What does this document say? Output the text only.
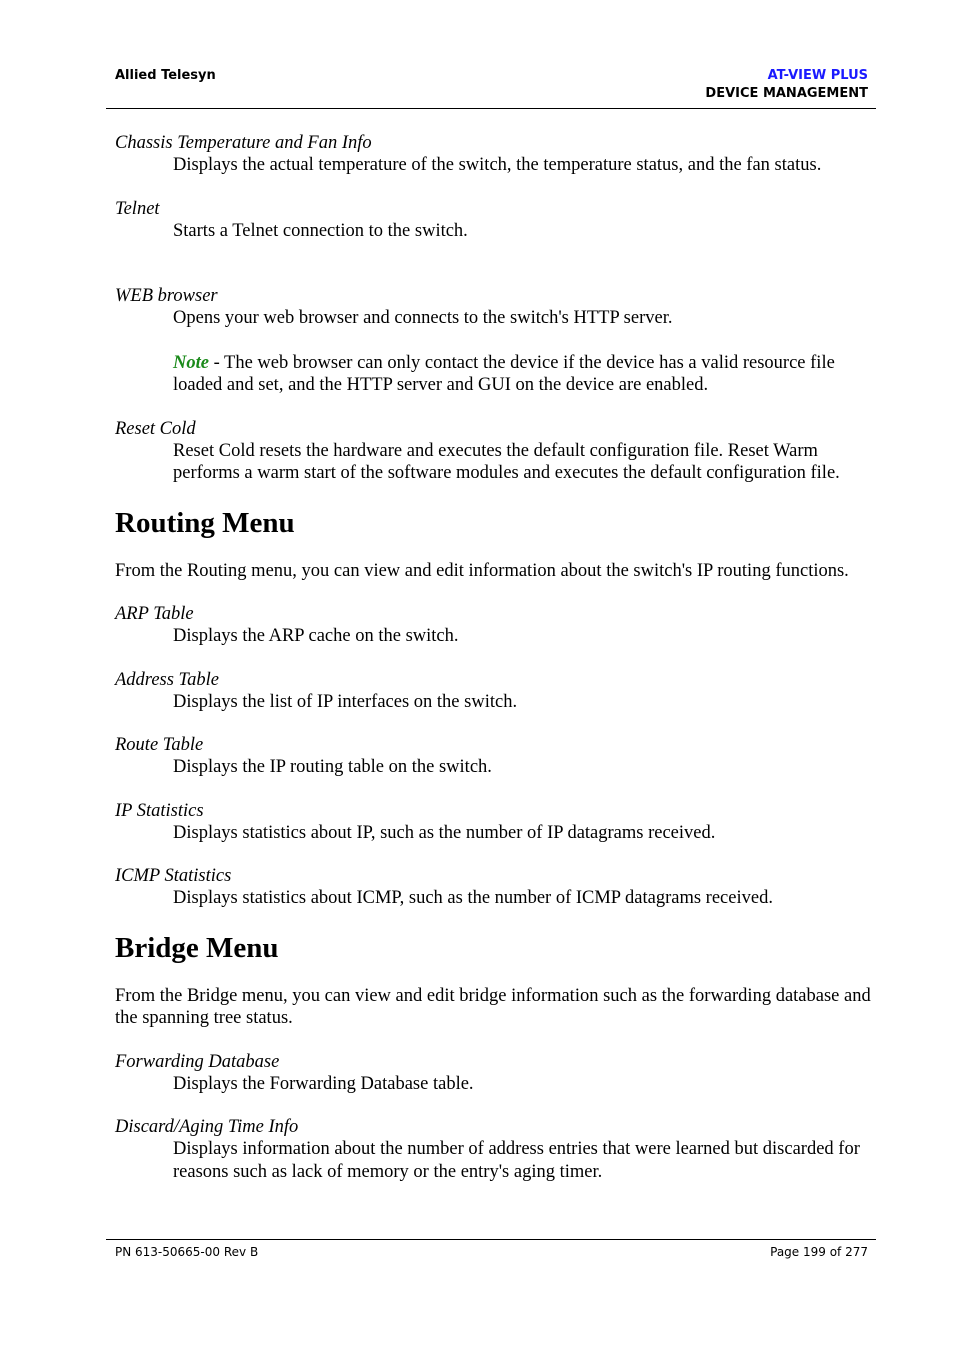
Allied Telesyn	AT-VIEW PLUS
DEVICE MANAGEMENT

Chassis Temperature and Fan Info

Displays the actual temperature of the switch, the temperature status, and the fan status.

Telnet

Starts a Telnet connection to the switch.

WEB browser

Opens your web browser and connects to the switch's HTTP server.

Note - The web browser can only contact the device if the device has a valid resource file loaded and set, and the HTTP server and GUI on the device are enabled.

Reset Cold

Reset Cold resets the hardware and executes the default configuration file. Reset Warm performs a warm start of the software modules and executes the default configuration file.

Routing Menu

From the Routing menu, you can view and edit information about the switch's IP routing functions.

ARP Table

Displays the ARP cache on the switch.

Address Table

Displays the list of IP interfaces on the switch.

Route Table

Displays the IP routing table on the switch.

IP Statistics

Displays statistics about IP, such as the number of IP datagrams received.

ICMP Statistics

Displays statistics about ICMP, such as the number of ICMP datagrams received.

Bridge Menu

From the Bridge menu, you can view and edit bridge information such as the forwarding database and the spanning tree status.

Forwarding Database

Displays the Forwarding Database table.

Discard/Aging Time Info

Displays information about the number of address entries that were learned but discarded for reasons such as lack of memory or the entry's aging timer.

PN 613-50665-00 Rev B	Page 199 of 277
